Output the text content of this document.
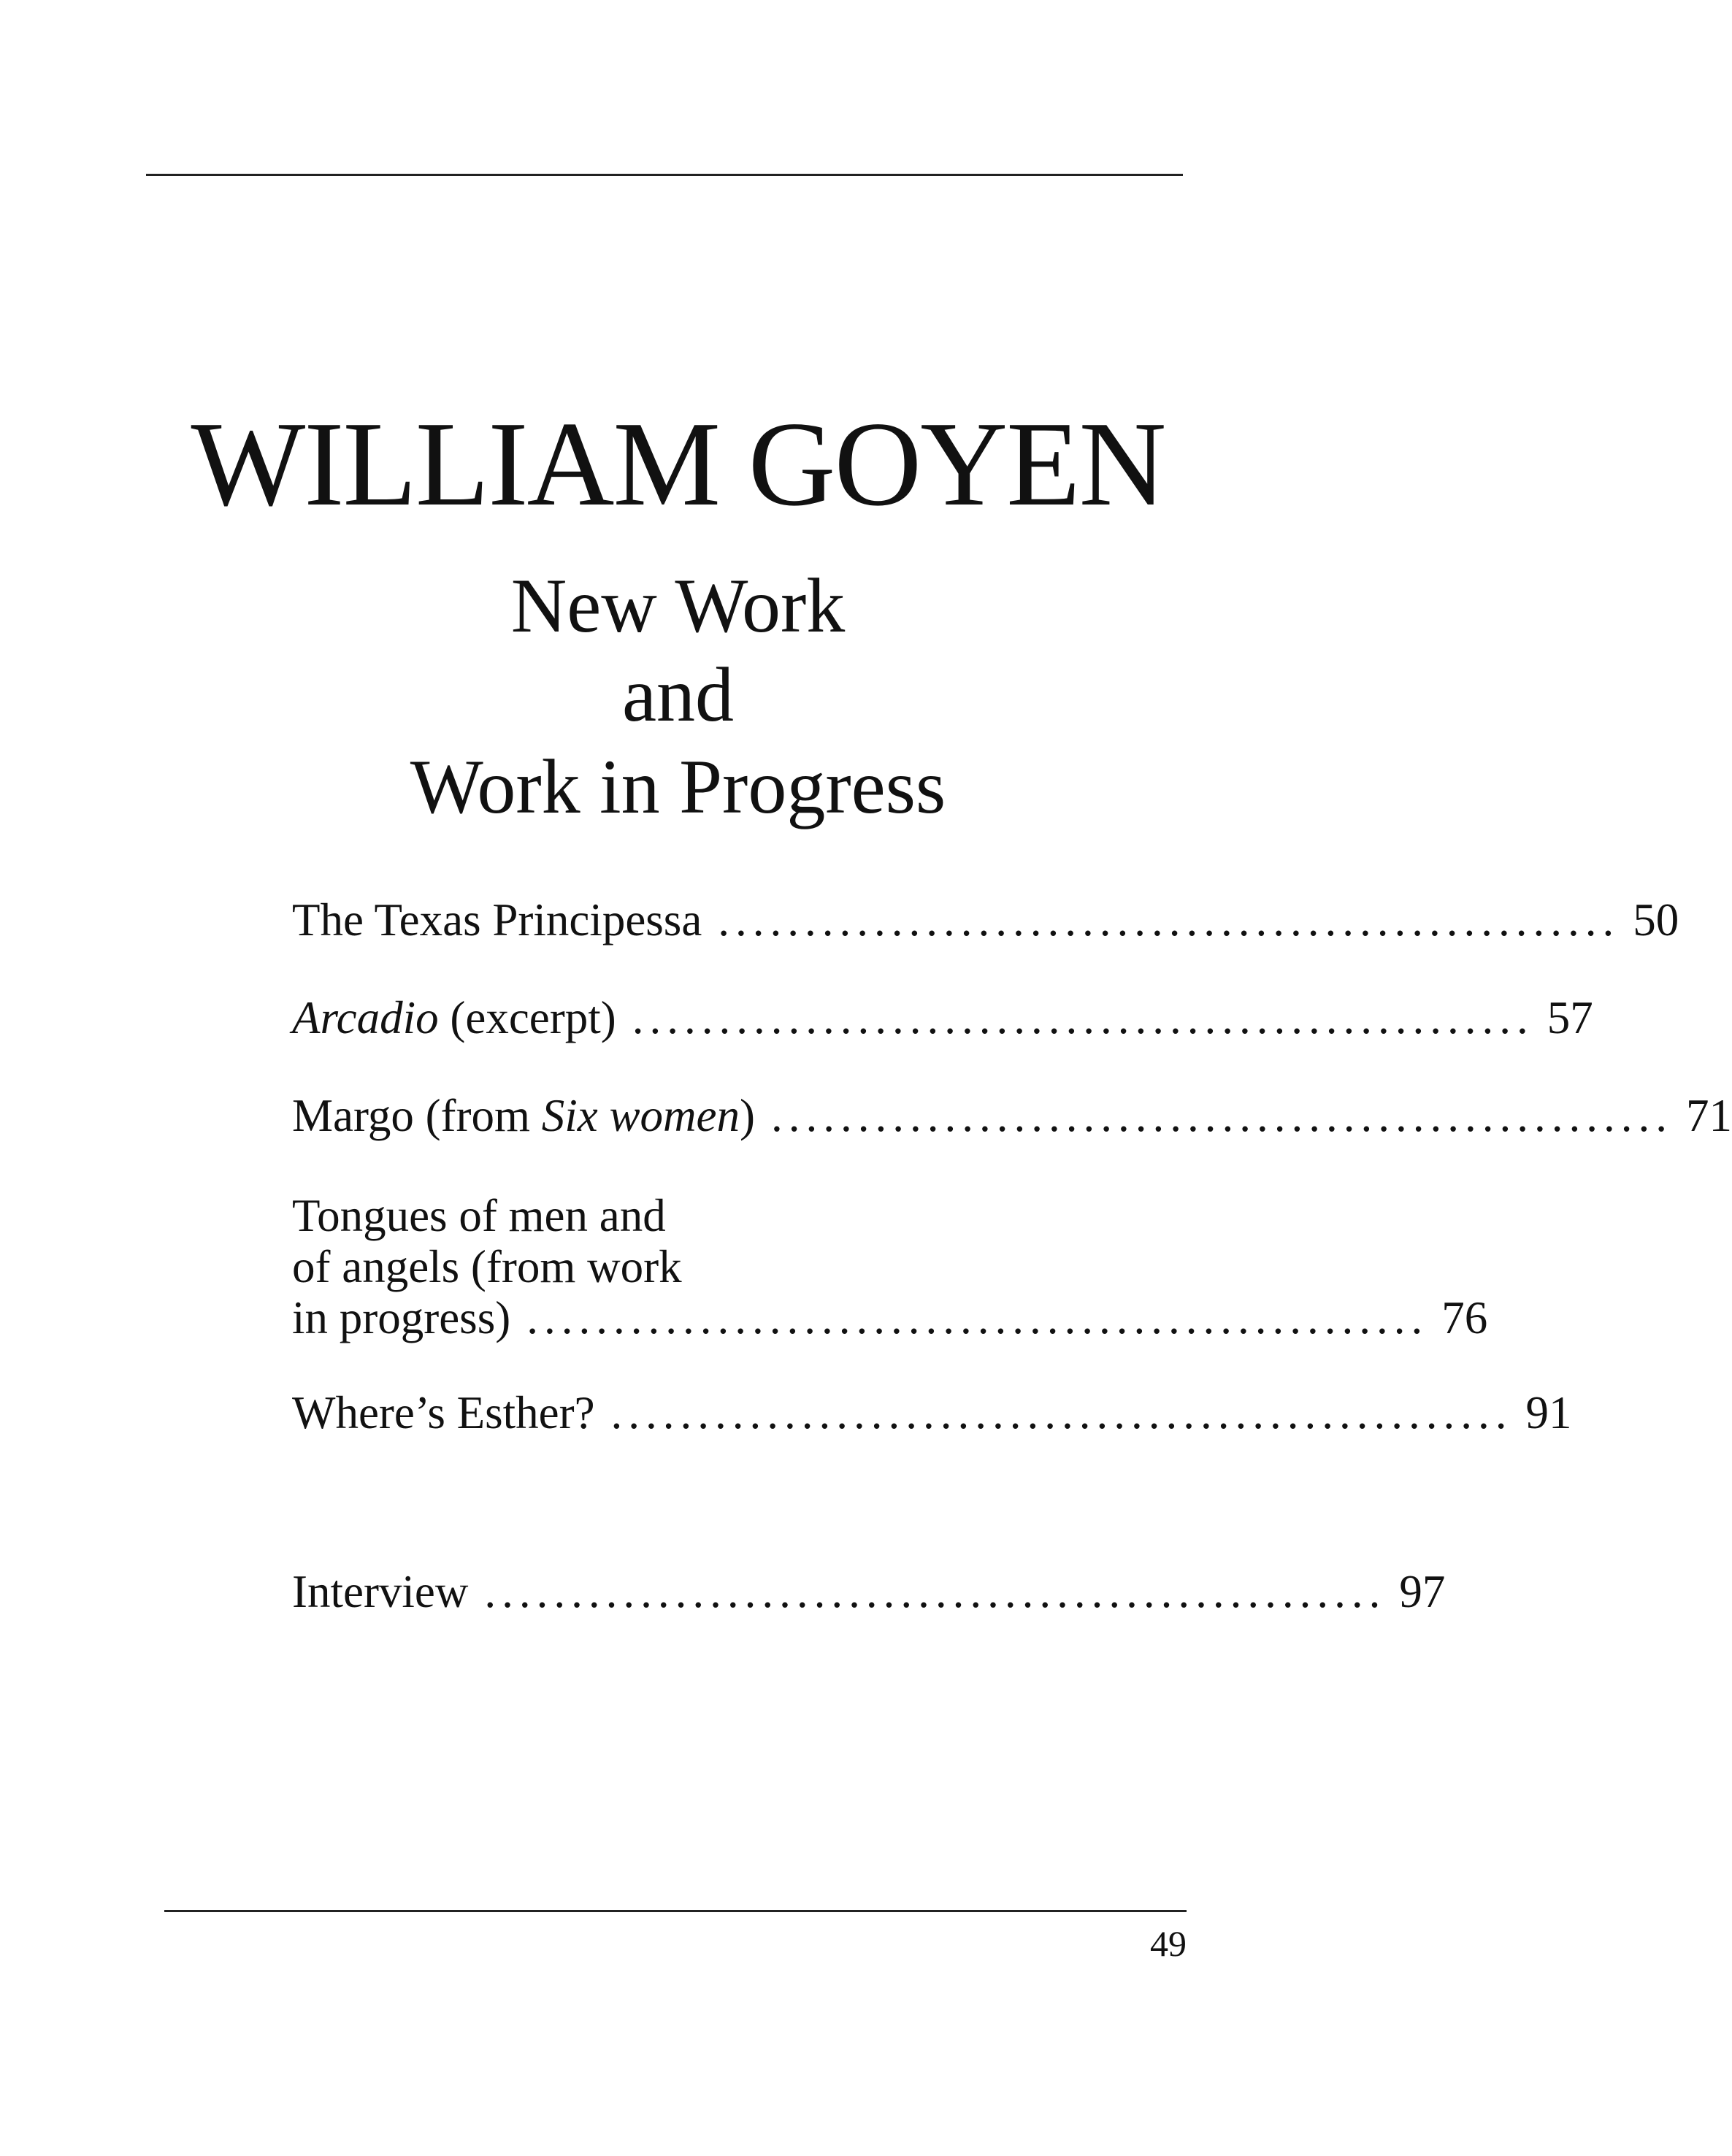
WILLIAM GOYEN
New Work
and
Work in Progress
The Texas Principessa .................................................... 50
Arcadio (excerpt) .................................................... 57
Margo (from Six women) .................................................... 71
Tongues of men and
of angels (from work
in progress) .................................................... 76
Where’s Esther? .................................................... 91
Interview .................................................... 97
49
